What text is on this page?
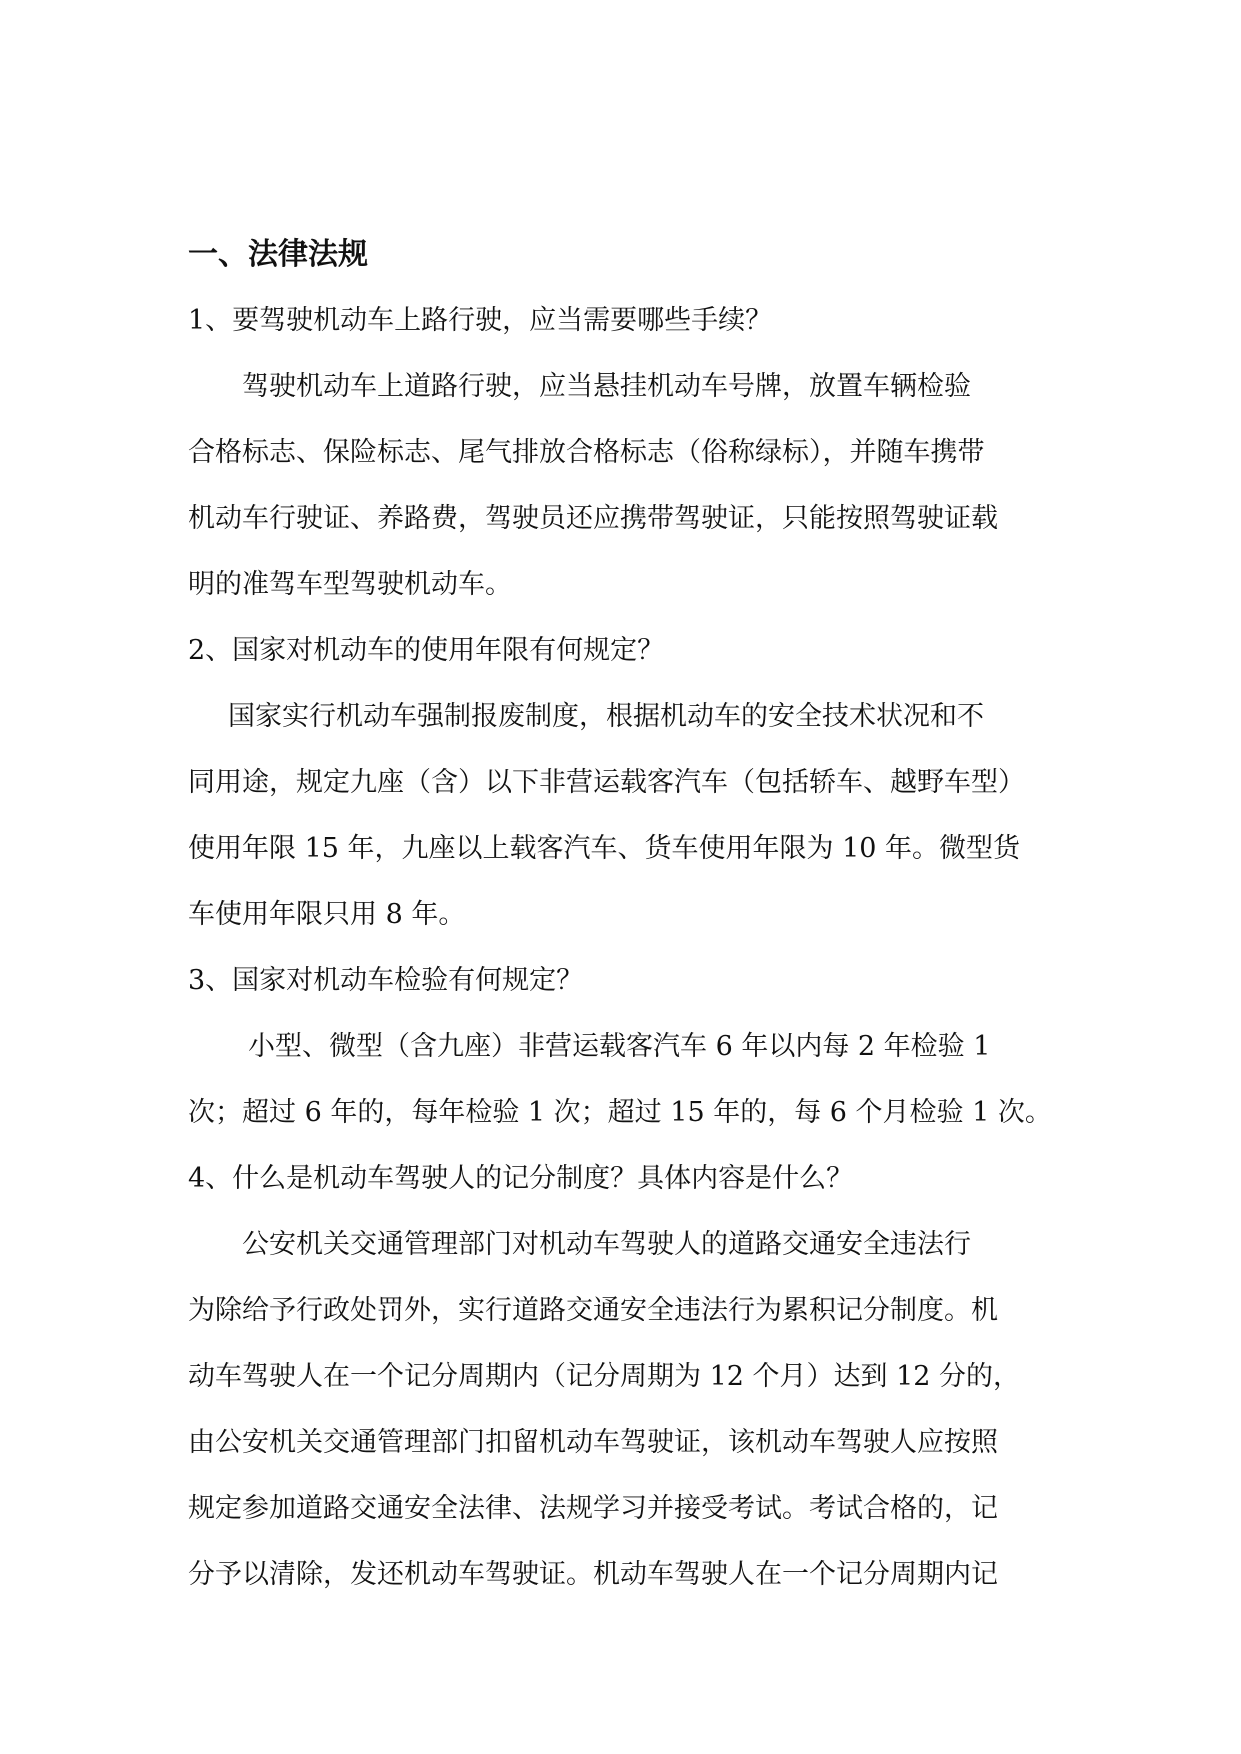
一、法律法规
1、要驾驶机动车上路行驶，应当需要哪些手续？
驾驶机动车上道路行驶，应当悬挂机动车号牌，放置车辆检验
合格标志、保险标志、尾气排放合格标志（俗称绿标），并随车携带
机动车行驶证、养路费，驾驶员还应携带驾驶证，只能按照驾驶证载
明的准驾车型驾驶机动车。
2、国家对机动车的使用年限有何规定？
国家实行机动车强制报废制度，根据机动车的安全技术状况和不
同用途，规定九座（含）以下非营运载客汽车（包括轿车、越野车型）
使用年限 15 年，九座以上载客汽车、货车使用年限为 10 年。微型货
车使用年限只用 8 年。
3、国家对机动车检验有何规定？
小型、微型（含九座）非营运载客汽车 6 年以内每 2 年检验 1
次；超过 6 年的，每年检验 1 次；超过 15 年的，每 6 个月检验 1 次。
4、什么是机动车驾驶人的记分制度？具体内容是什么？
公安机关交通管理部门对机动车驾驶人的道路交通安全违法行
为除给予行政处罚外，实行道路交通安全违法行为累积记分制度。机
动车驾驶人在一个记分周期内（记分周期为 12 个月）达到 12 分的，
由公安机关交通管理部门扣留机动车驾驶证，该机动车驾驶人应按照
规定参加道路交通安全法律、法规学习并接受考试。考试合格的，记
分予以清除，发还机动车驾驶证。机动车驾驶人在一个记分周期内记
